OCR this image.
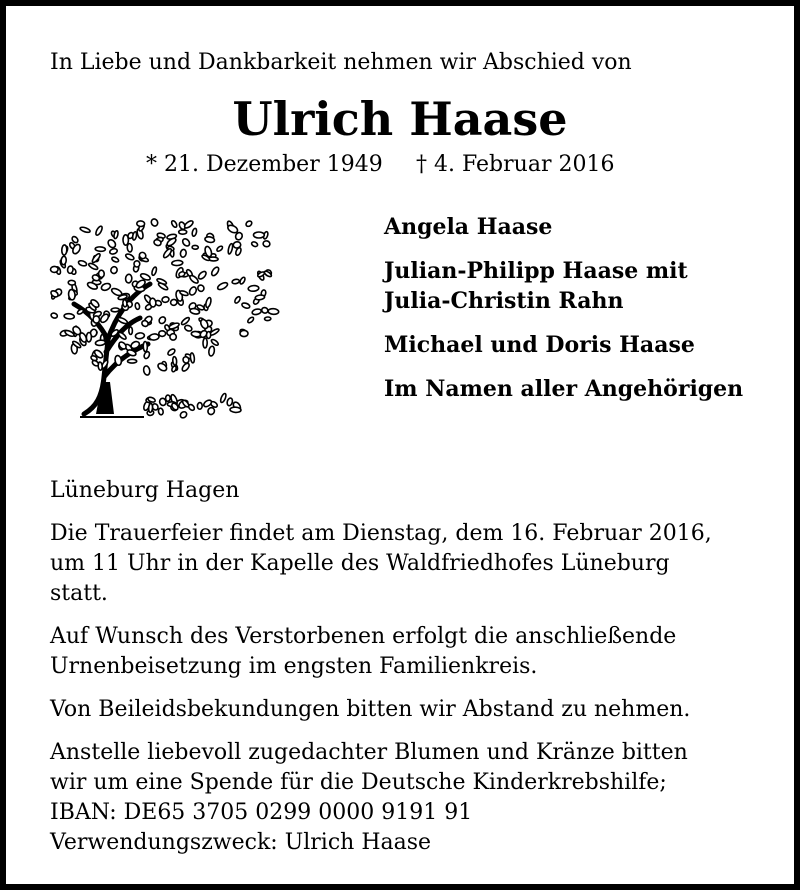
In Liebe und Dankbarkeit nehmen wir Abschied von
Ulrich Haase
* 21. Dezember 1949 † 4. Februar 2016
Angela Haase
Julian-Philipp Haase mit
Julia-Christin Rahn
Michael und Doris Haase
Im Namen aller Angehörigen

Lüneburg Hagen

Die Trauerfeier findet am Dienstag, dem 16. Februar 2016,
um 11 Uhr in der Kapelle des Waldfriedhofes Lüneburg
statt.

Auf Wunsch des Verstorbenen erfolgt die anschließende
Urnenbeisetzung im engsten Familienkreis.

Von Beileidsbekundungen bitten wir Abstand zu nehmen.

Anstelle liebevoll zugedachter Blumen und Kränze bitten
wir um eine Spende für die Deutsche Kinderkrebshilfe;
IBAN: DE65 3705 0299 0000 9191 91
Verwendungszweck: Ulrich Haase
